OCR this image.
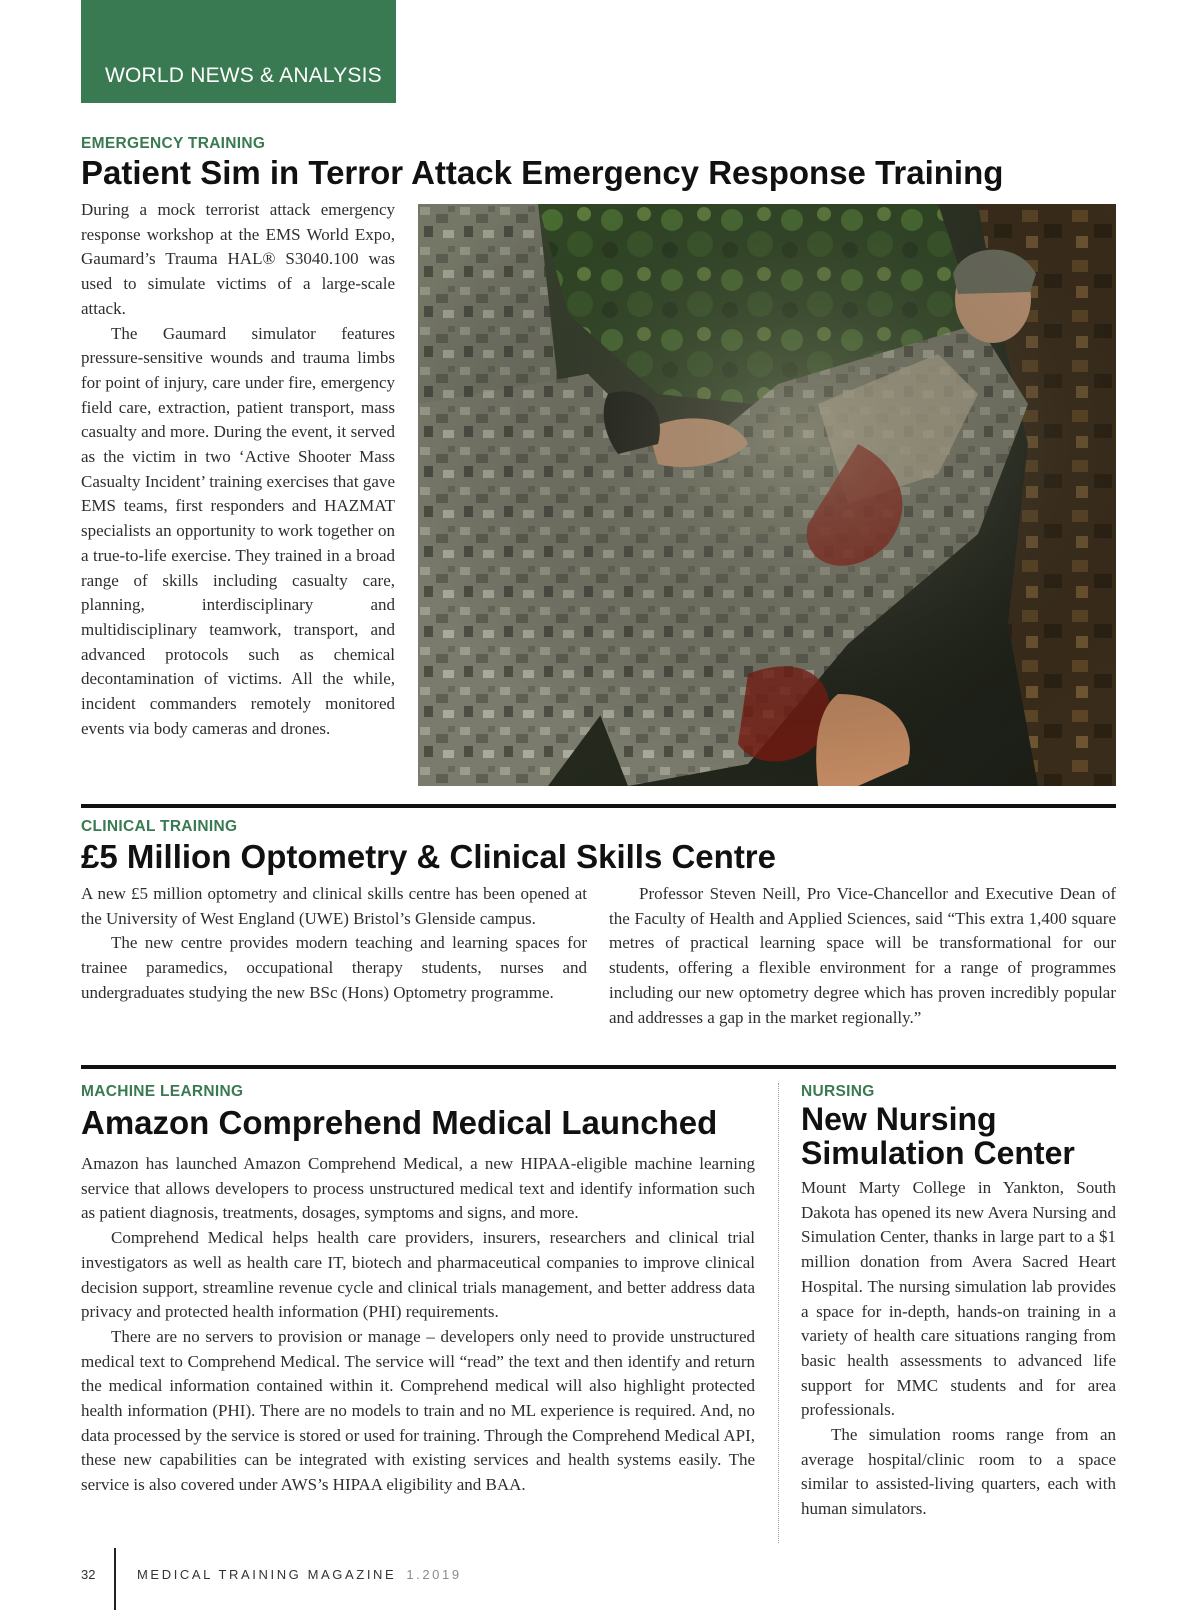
WORLD NEWS & ANALYSIS
EMERGENCY TRAINING
Patient Sim in Terror Attack Emergency Response Training

During a mock terrorist attack emergency response workshop at the EMS World Expo, Gaumard’s Trauma HAL® S3040.100 was used to simulate victims of a large-scale attack.

The Gaumard simulator features pressure-sensitive wounds and trauma limbs for point of injury, care under fire, emergency field care, extraction, patient transport, mass casualty and more. During the event, it served as the victim in two ‘Active Shooter Mass Casualty Incident’ training exercises that gave EMS teams, first responders and HAZMAT specialists an opportunity to work together on a true-to-life exercise. They trained in a broad range of skills including casualty care, planning, interdisciplinary and multidisciplinary teamwork, transport, and advanced protocols such as chemical decontamination of victims. All the while, incident commanders remotely monitored events via body cameras and drones.

CLINICAL TRAINING
£5 Million Optometry & Clinical Skills Centre

A new £5 million optometry and clinical skills centre has been opened at the University of West England (UWE) Bristol’s Glenside campus.

The new centre provides modern teaching and learning spaces for trainee paramedics, occupational therapy students, nurses and undergraduates studying the new BSc (Hons) Optometry programme.

Professor Steven Neill, Pro Vice-Chancellor and Executive Dean of the Faculty of Health and Applied Sciences, said “This extra 1,400 square metres of practical learning space will be transformational for our students, offering a flexible environment for a range of programmes including our new optometry degree which has proven incredibly popular and addresses a gap in the market regionally.”

MACHINE LEARNING
Amazon Comprehend Medical Launched

Amazon has launched Amazon Comprehend Medical, a new HIPAA-eligible machine learning service that allows developers to process unstructured medical text and identify information such as patient diagnosis, treatments, dosages, symptoms and signs, and more.

Comprehend Medical helps health care providers, insurers, researchers and clinical trial investigators as well as health care IT, biotech and pharmaceutical companies to improve clinical decision support, streamline revenue cycle and clinical trials management, and better address data privacy and protected health information (PHI) requirements.

There are no servers to provision or manage – developers only need to provide unstructured medical text to Comprehend Medical. The service will “read” the text and then identify and return the medical information contained within it. Comprehend medical will also highlight protected health information (PHI). There are no models to train and no ML experience is required. And, no data processed by the service is stored or used for training. Through the Comprehend Medical API, these new capabilities can be integrated with existing services and health systems easily. The service is also covered under AWS’s HIPAA eligibility and BAA.

NURSING
New Nursing
Simulation Center

Mount Marty College in Yankton, South Dakota has opened its new Avera Nursing and Simulation Center, thanks in large part to a $1 million donation from Avera Sacred Heart Hospital. The nursing simulation lab provides a space for in-depth, hands-on training in a variety of health care situations ranging from basic health assessments to advanced life support for MMC students and for area professionals.

The simulation rooms range from an average hospital/clinic room to a space similar to assisted-living quarters, each with human simulators.

32	MEDICAL TRAINING MAGAZINE 1.2019
